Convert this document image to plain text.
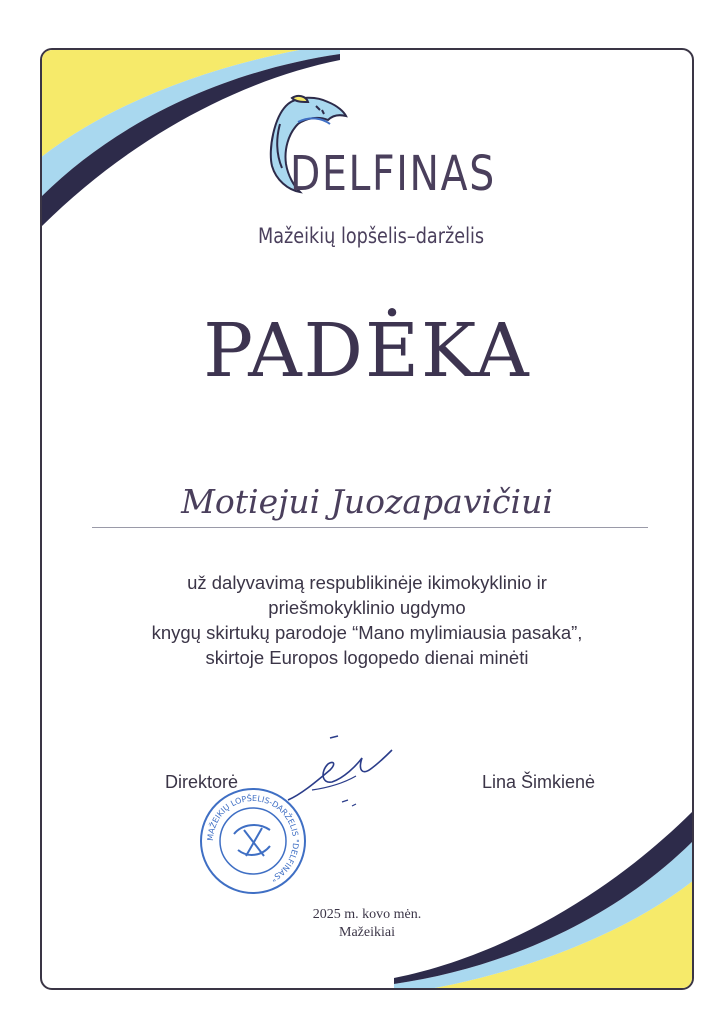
DELFINAS
Mažeikių lopšelis–darželis
PADĖKA
Motiejui Juozapavičiui
už dalyvavimą respublikinėje ikimokyklinio ir
priešmokyklinio ugdymo
knygų skirtukų parodoje “Mano mylimiausia pasaka”,
skirtoje Europos logopedo dienai minėti
Direktorė	Lina Šimkienė
MAŽEIKIŲ LOPŠELIS-DARŽELIS "DELFINAS"
2025 m. kovo mėn.
Mažeikiai
